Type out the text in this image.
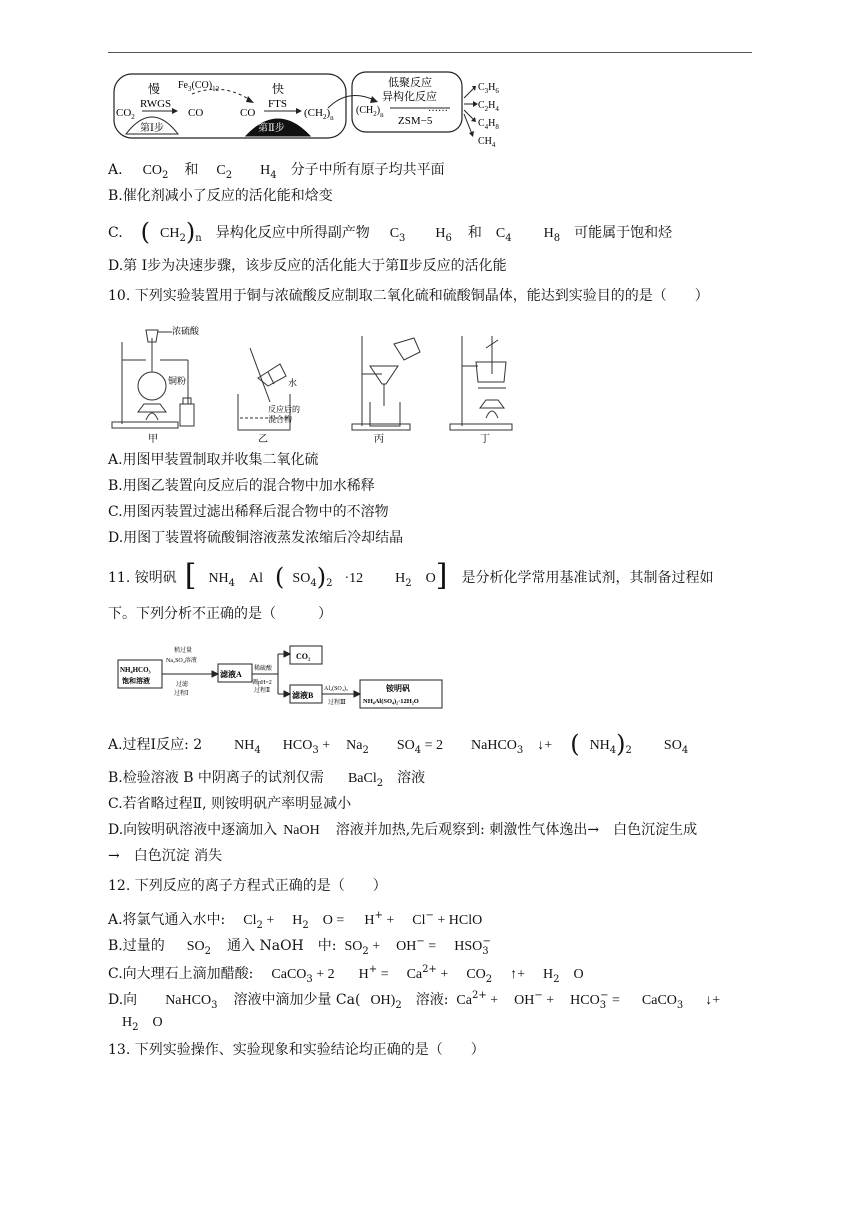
慢
RWGS
$CO_2$	CO
$Fe_3(CO)_{12}$	快
FTS
CO	$(CH_2)_n$
第Ⅰ步	第Ⅱ步
低聚反应
异构化反应
$(CH_2)_n$
……
ZSM−5
$C_3H_6$
$C_2H_4$
$C_4H_8$
$CH_4$
A. $CO_2$ 和 $C_2$ $H_4$ 分子中所有原子均共平面
B.催化剂减小了反应的活化能和焓变
C. ( $CH_2)_n$ 异构化反应中所得副产物 $C_3$ $H_6$ 和 $C_4$ $H_8$ 可能属于饱和烃
D.第 I步为决速步骤，该步反应的活化能大于第Ⅱ步反应的活化能
10. 下列实验装置用于铜与浓硫酸反应制取二氧化硫和硫酸铜晶体，能达到实验目的的是（　　）
浓硫酸
铜粉	水
反应后的
混合物
甲	乙	丙	丁
A.用图甲装置制取并收集二氧化硫
B.用图乙装置向反应后的混合物中加水稀释
C.用图丙装置过滤出稀释后混合物中的不溶物
D.用图丁装置将硫酸铜溶液蒸发浓缩后冷却结晶
11. 铵明矾 [ $NH_4$ Al ( $SO_4)_2 \cdot 12$ $H_2$ O] 是分析化学常用基准试剂，其制备过程如
下。下列分析不正确的是（　　　）
NH₄HCO₃
饱和溶液
稍过量
Na₂SO₄溶液
过滤
过程Ⅰ
滤液A
稀硫酸
调pH=2
过程Ⅱ
CO₂
滤液B
Al₂(SO₄)₃
过程Ⅲ
铵明矾
NH₄Al(SO₄)₂·12H₂O
A.过程Ⅰ反应: 2 $NH_4$ $HCO_3 + Na_2$ $SO_4 = 2$ NaHCO$_3$ ↓+ ( $NH_4)_2$ $SO_4$
B.检验溶液 B 中阴离子的试剂仅需 BaCl$_2$ 溶液
C.若省略过程Ⅱ, 则铵明矾产率明显减小
D.向铵明矾溶液中逐滴加入 NaOH 溶液并加热,先后观察到: 刺激性气体逸出→　白色沉淀生成
→　白色沉淀 消失
12. 下列反应的离子方程式正确的是（　　）
A.将氯气通入水中: $Cl_2 + H_2$ O = H+ + Cl− + HClO
B.过量的 $SO_2$ 通入 NaOH　中: $SO_2 + OH^- = HSO_3^-$
C.向大理石上滴加醋酸: CaCO$_3$ + 2 $H^+ = Ca^{2+} + CO_2$ ↑+ $H_2$ O
D.向 NaHCO$_3$ 溶液中滴加少量 Ca( $OH)_2$ 溶液: $Ca^{2+} + OH^- + HCO_3^-$ = CaCO$_3$ ↓+
$H_2$ O
13. 下列实验操作、实验现象和实验结论均正确的是（　　）
